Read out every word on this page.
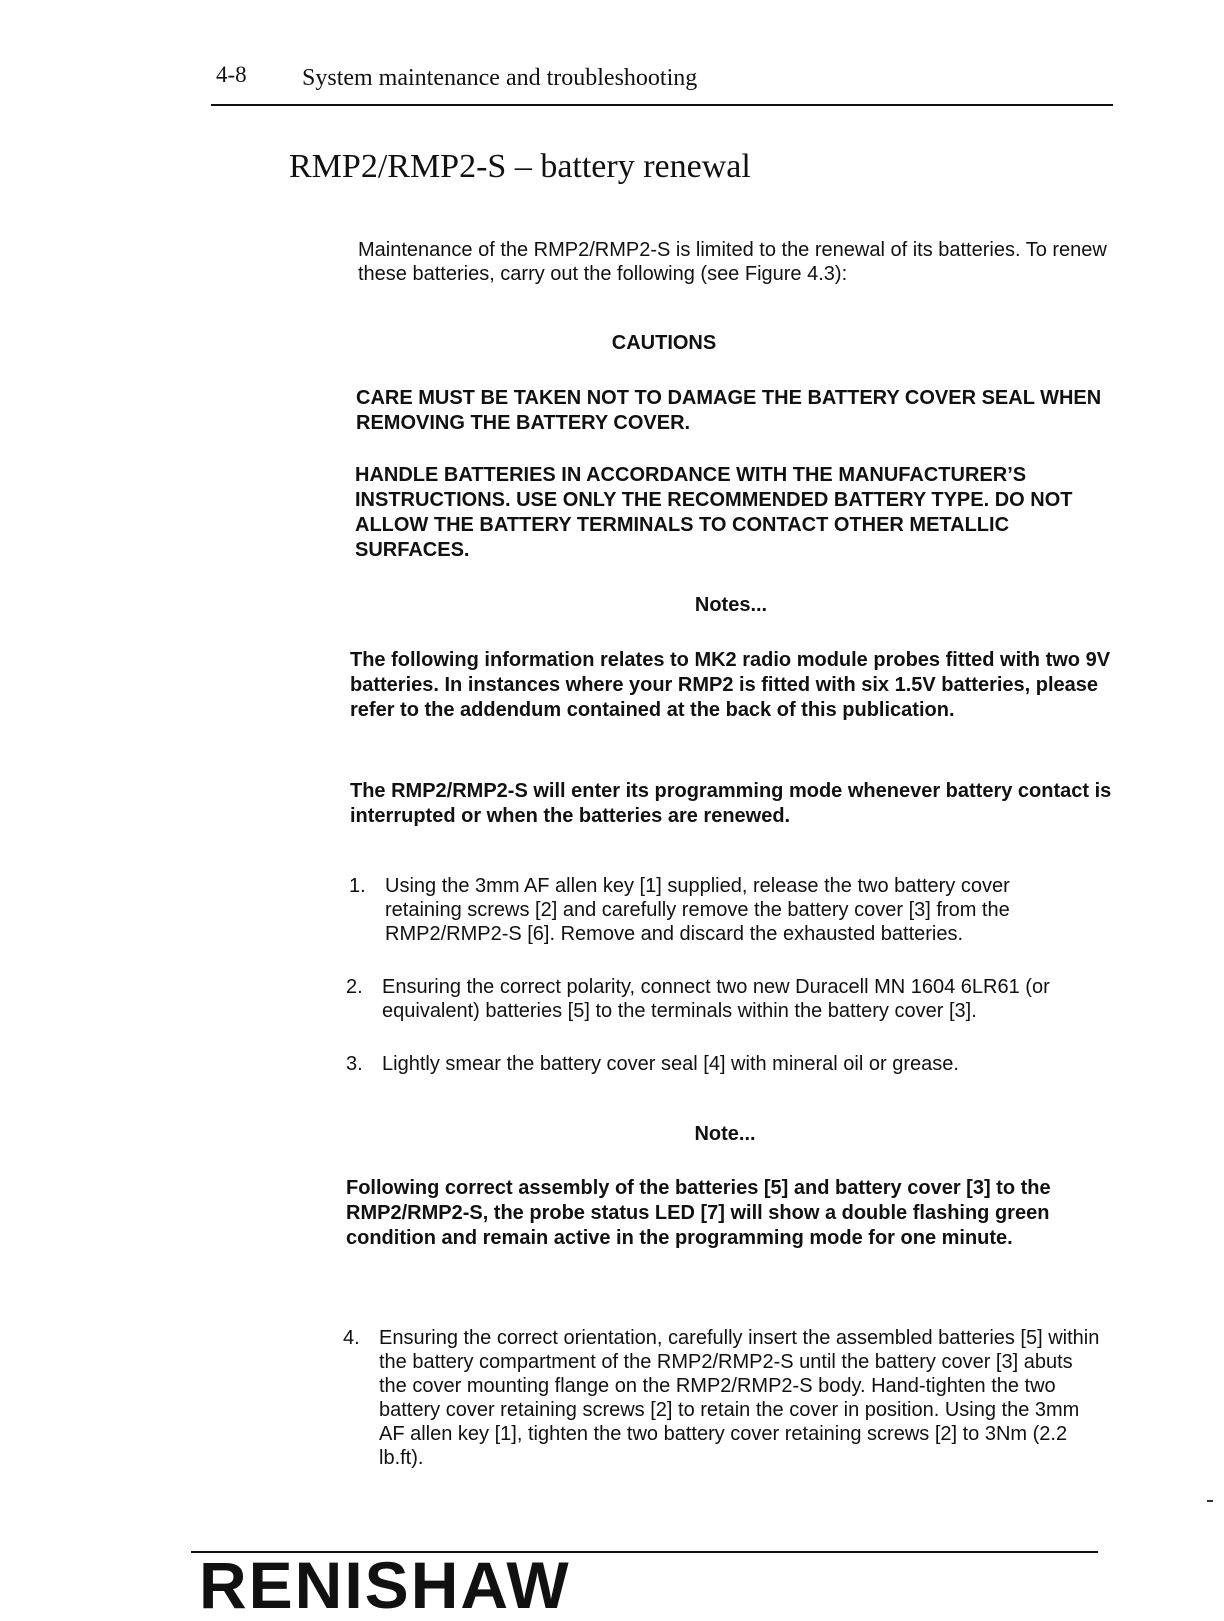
4-8 System maintenance and troubleshooting
RMP2/RMP2-S – battery renewal
Maintenance of the RMP2/RMP2-S is limited to the renewal of its batteries. To renew these batteries, carry out the following (see Figure 4.3):
CAUTIONS
CARE MUST BE TAKEN NOT TO DAMAGE THE BATTERY COVER SEAL WHEN REMOVING THE BATTERY COVER.
HANDLE BATTERIES IN ACCORDANCE WITH THE MANUFACTURER’S INSTRUCTIONS. USE ONLY THE RECOMMENDED BATTERY TYPE. DO NOT ALLOW THE BATTERY TERMINALS TO CONTACT OTHER METALLIC SURFACES.
Notes...
The following information relates to MK2 radio module probes fitted with two 9V batteries. In instances where your RMP2 is fitted with six 1.5V batteries, please refer to the addendum contained at the back of this publication.
The RMP2/RMP2-S will enter its programming mode whenever battery contact is interrupted or when the batteries are renewed.
1. Using the 3mm AF allen key [1] supplied, release the two battery cover retaining screws [2] and carefully remove the battery cover [3] from the RMP2/RMP2-S [6]. Remove and discard the exhausted batteries.
2. Ensuring the correct polarity, connect two new Duracell MN 1604 6LR61 (or equivalent) batteries [5] to the terminals within the battery cover [3].
3. Lightly smear the battery cover seal [4] with mineral oil or grease.
Note...
Following correct assembly of the batteries [5] and battery cover [3] to the RMP2/RMP2-S, the probe status LED [7] will show a double flashing green condition and remain active in the programming mode for one minute.
4. Ensuring the correct orientation, carefully insert the assembled batteries [5] within the battery compartment of the RMP2/RMP2-S until the battery cover [3] abuts the cover mounting flange on the RMP2/RMP2-S body. Hand-tighten the two battery cover retaining screws [2] to retain the cover in position. Using the 3mm AF allen key [1], tighten the two battery cover retaining screws [2] to 3Nm (2.2 lb.ft).
RENISHAW
